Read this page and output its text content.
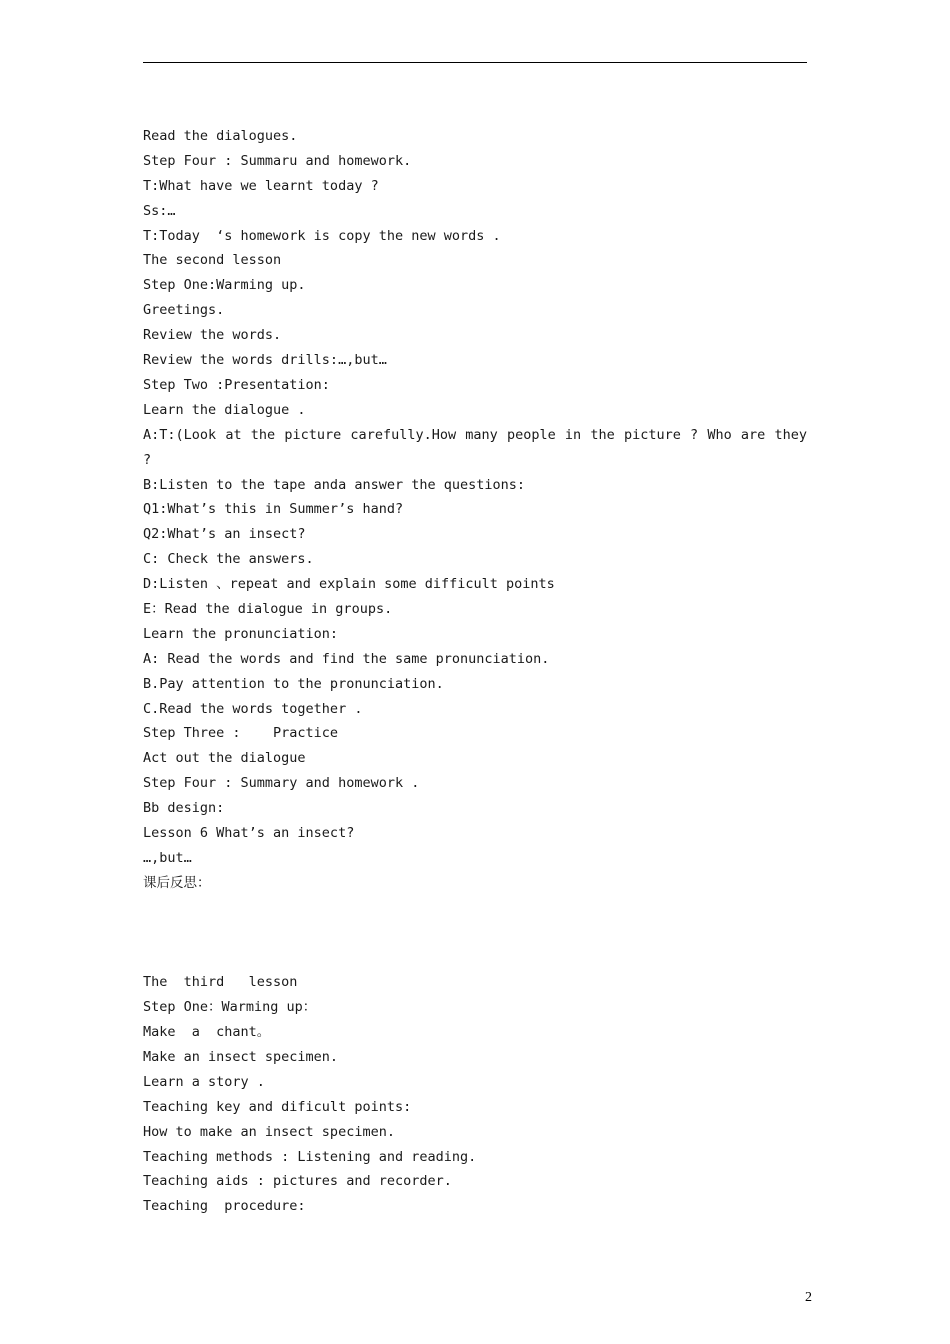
Read the dialogues.
Step Four : Summaru and homework.
T:What have we learnt today ?
Ss:…
T:Today  ‘s homework is copy the new words .
The second lesson
Step One:Warming up.
Greetings.
Review the words.
Review the words drills:…,but…
Step Two :Presentation:
Learn the dialogue .
A:T:(Look at the picture carefully.How many people in the picture ? Who are they ?
B:Listen to the tape anda answer the questions:
Q1:What’s this in Summer’s hand?
Q2:What’s an insect?
C: Check the answers.
D:Listen 、repeat and explain some difficult points
E：Read the dialogue in groups.
Learn the pronunciation:
A: Read the words and find the same pronunciation.
B.Pay attention to the pronunciation.
C.Read the words together .
Step Three :    Practice
Act out the dialogue
Step Four : Summary and homework .
Bb design:
Lesson 6 What’s an insect?
…,but…
课后反思：
The  third   lesson
Step One：Warming up：
Make  a  chant。
Make an insect specimen.
Learn a story .
Teaching key and dificult points:
How to make an insect specimen.
Teaching methods : Listening and reading.
Teaching aids : pictures and recorder.
Teaching  procedure:
2
